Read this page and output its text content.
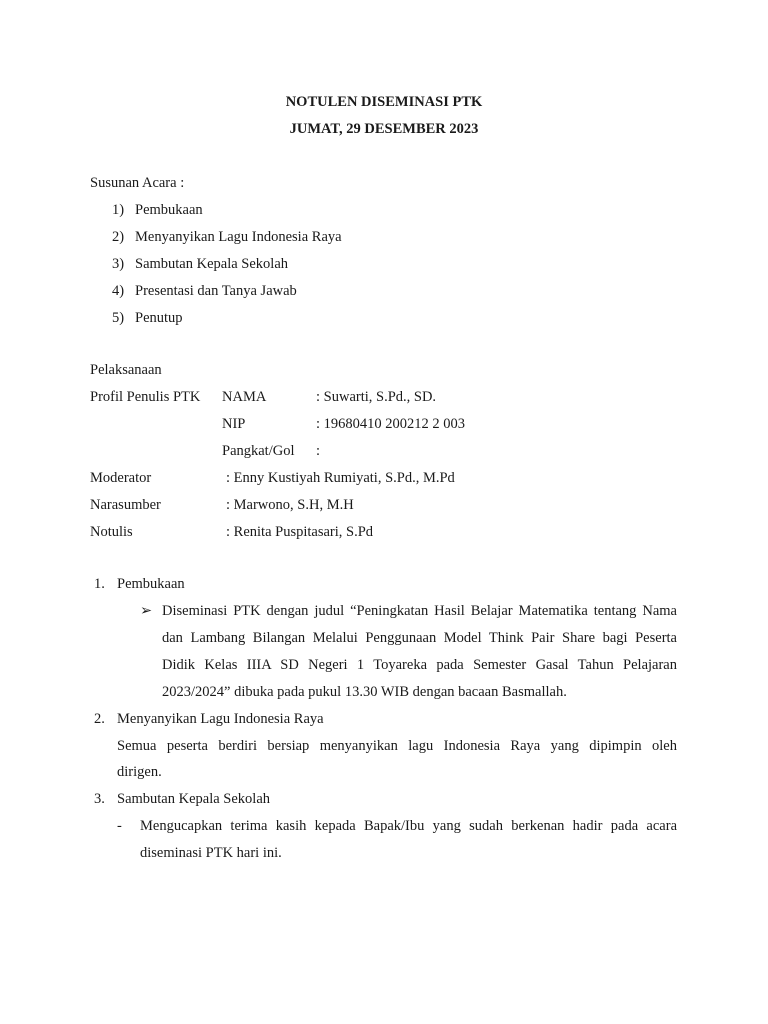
NOTULEN DISEMINASI PTK
JUMAT, 29 DESEMBER 2023
Susunan Acara :
1) Pembukaan
2) Menyanyikan Lagu Indonesia Raya
3) Sambutan Kepala Sekolah
4) Presentasi dan Tanya Jawab
5) Penutup
Pelaksanaan
Profil Penulis PTK NAMA	: Suwarti, S.Pd., SD.
NIP	: 19680410 200212 2 003
Pangkat/Gol :
Moderator	: Enny Kustiyah Rumiyati, S.Pd., M.Pd
Narasumber	: Marwono, S.H, M.H
Notulis	: Renita Puspitasari, S.Pd
1. Pembukaan
➢ Diseminasi PTK dengan judul “Peningkatan Hasil Belajar Matematika tentang Nama
dan Lambang Bilangan Melalui Penggunaan Model Think Pair Share bagi Peserta
Didik Kelas IIIA SD Negeri 1 Toyareka pada Semester Gasal Tahun Pelajaran
2023/2024” dibuka pada pukul 13.30 WIB dengan bacaan Basmallah.
2. Menyanyikan Lagu Indonesia Raya
Semua peserta berdiri bersiap menyanyikan lagu Indonesia Raya yang dipimpin oleh
dirigen.
3. Sambutan Kepala Sekolah
- Mengucapkan terima kasih kepada Bapak/Ibu yang sudah berkenan hadir pada acara
diseminasi PTK hari ini.
